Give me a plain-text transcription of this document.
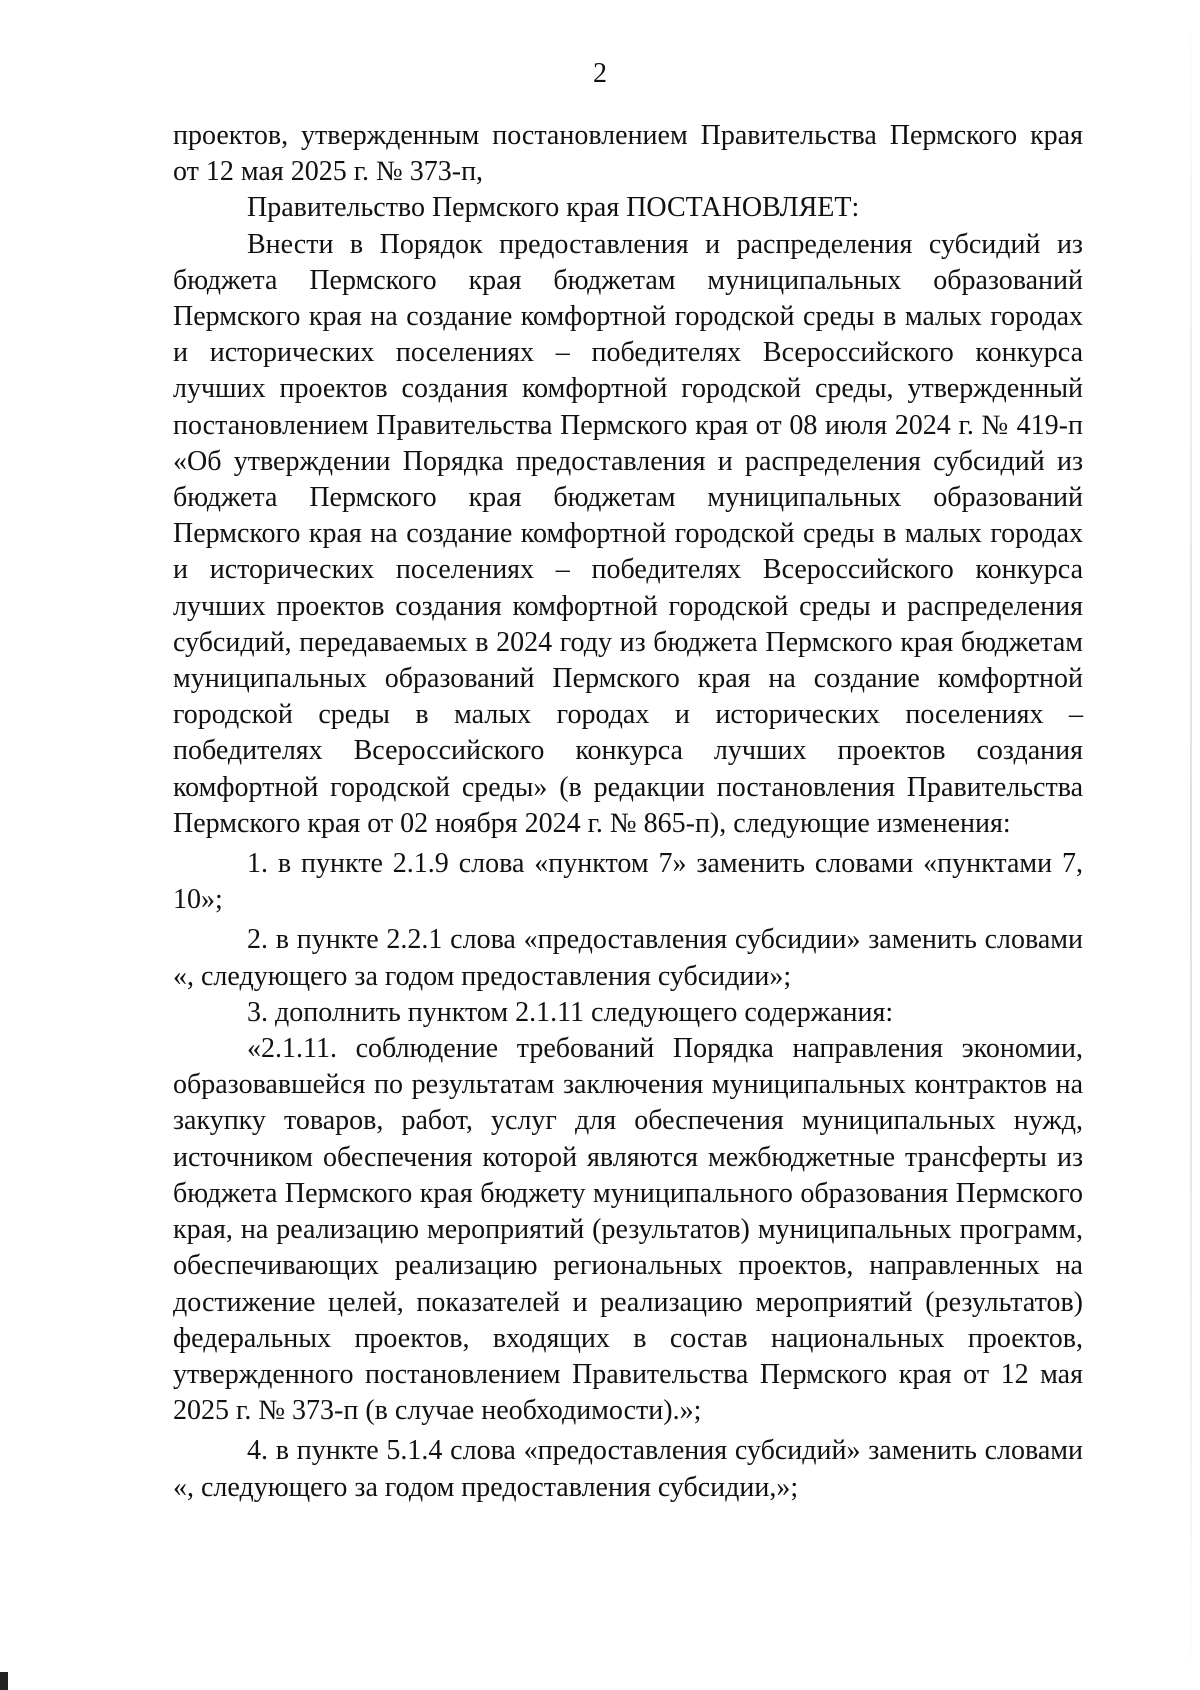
2

проектов, утвержденным постановлением Правительства Пермского края от 12 мая 2025 г. № 373-п,

Правительство Пермского края ПОСТАНОВЛЯЕТ:

Внести в Порядок предоставления и распределения субсидий из бюджета Пермского края бюджетам муниципальных образований Пермского края на создание комфортной городской среды в малых городах и исторических поселениях – победителях Всероссийского конкурса лучших проектов создания комфортной городской среды, утвержденный постановлением Правительства Пермского края от 08 июля 2024 г. № 419-п «Об утверждении Порядка предоставления и распределения субсидий из бюджета Пермского края бюджетам муниципальных образований Пермского края на создание комфортной городской среды в малых городах и исторических поселениях – победителях Всероссийского конкурса лучших проектов создания комфортной городской среды и распределения субсидий, передаваемых в 2024 году из бюджета Пермского края бюджетам муниципальных образований Пермского края на создание комфортной городской среды в малых городах и исторических поселениях – победителях Всероссийского конкурса лучших проектов создания комфортной городской среды» (в редакции постановления Правительства Пермского края от 02 ноября 2024 г. № 865-п), следующие изменения:

1. в пункте 2.1.9 слова «пунктом 7» заменить словами «пунктами 7, 10»;

2. в пункте 2.2.1 слова «предоставления субсидии» заменить словами «, следующего за годом предоставления субсидии»;

3. дополнить пунктом 2.1.11 следующего содержания:

«2.1.11. соблюдение требований Порядка направления экономии, образовавшейся по результатам заключения муниципальных контрактов на закупку товаров, работ, услуг для обеспечения муниципальных нужд, источником обеспечения которой являются межбюджетные трансферты из бюджета Пермского края бюджету муниципального образования Пермского края, на реализацию мероприятий (результатов) муниципальных программ, обеспечивающих реализацию региональных проектов, направленных на достижение целей, показателей и реализацию мероприятий (результатов) федеральных проектов, входящих в состав национальных проектов, утвержденного постановлением Правительства Пермского края от 12 мая 2025 г. № 373-п (в случае необходимости).»;

4. в пункте 5.1.4 слова «предоставления субсидий» заменить словами «, следующего за годом предоставления субсидии,»;
